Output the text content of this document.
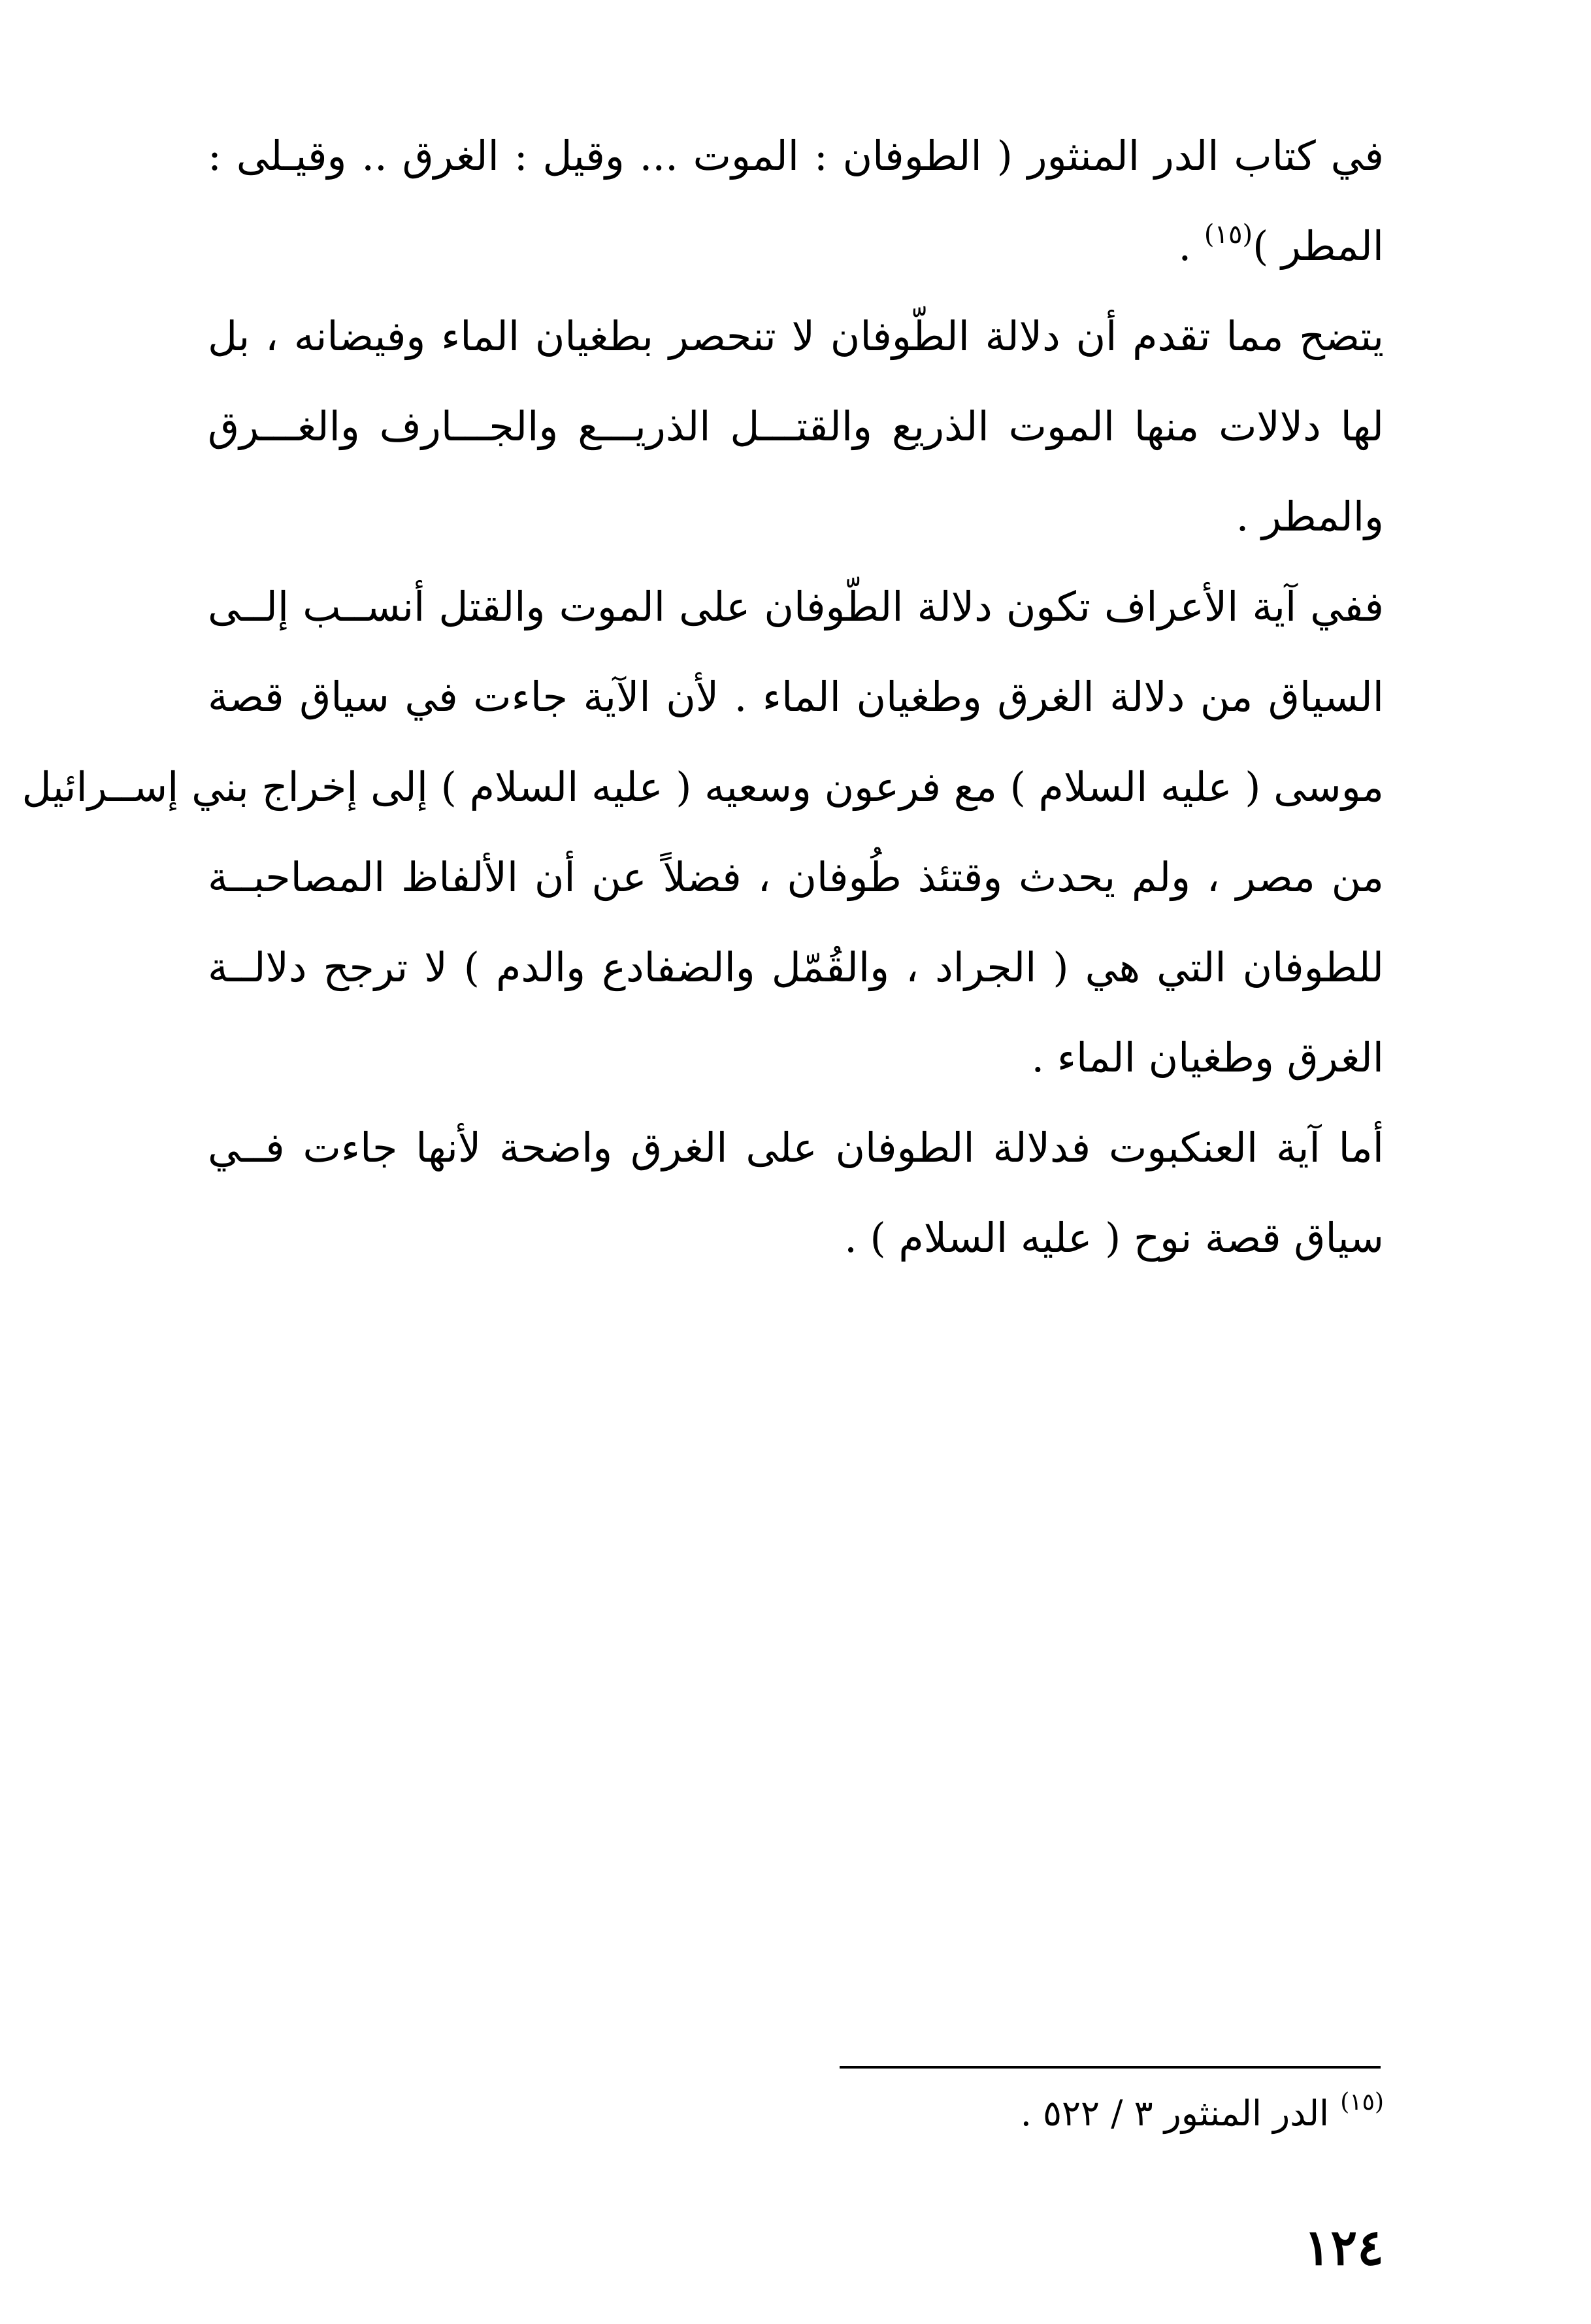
في كتاب الدر المنثور ( الطوفان : الموت ... وقيل : الغرق .. وقيـلى :
المطر )$^{(١٥)}$ .
يتضح مما تقدم أن دلالة الطّوفان لا تنحصر بطغيان الماء وفيضانه ، بل
لها دلالات منها الموت الذريع والقتـــل الذريـــع والجـــارف والغـــرق
والمطر .
ففي آية الأعراف تكون دلالة الطّوفان على الموت والقتل أنســب إلــى
السياق من دلالة الغرق وطغيان الماء . لأن الآية جاءت في سياق قصة
موسى ( عليه السلام ) مع فرعون وسعيه ( عليه السلام ) إلى إخراج بني إســرائيل
من مصر ، ولم يحدث وقتئذ طُوفان ، فضلاً عن أن الألفاظ المصاحبــة
للطوفان التي هي ( الجراد ، والقُمّل والضفادع والدم ) لا ترجح دلالــة
الغرق وطغيان الماء .
أما آية العنكبوت فدلالة الطوفان على الغرق واضحة لأنها جاءت فــي
سياق قصة نوح ( عليه السلام ) .
$^{(١٥)}$ الدر المنثور ٣ / ٥٢٢ .
١٢٤
